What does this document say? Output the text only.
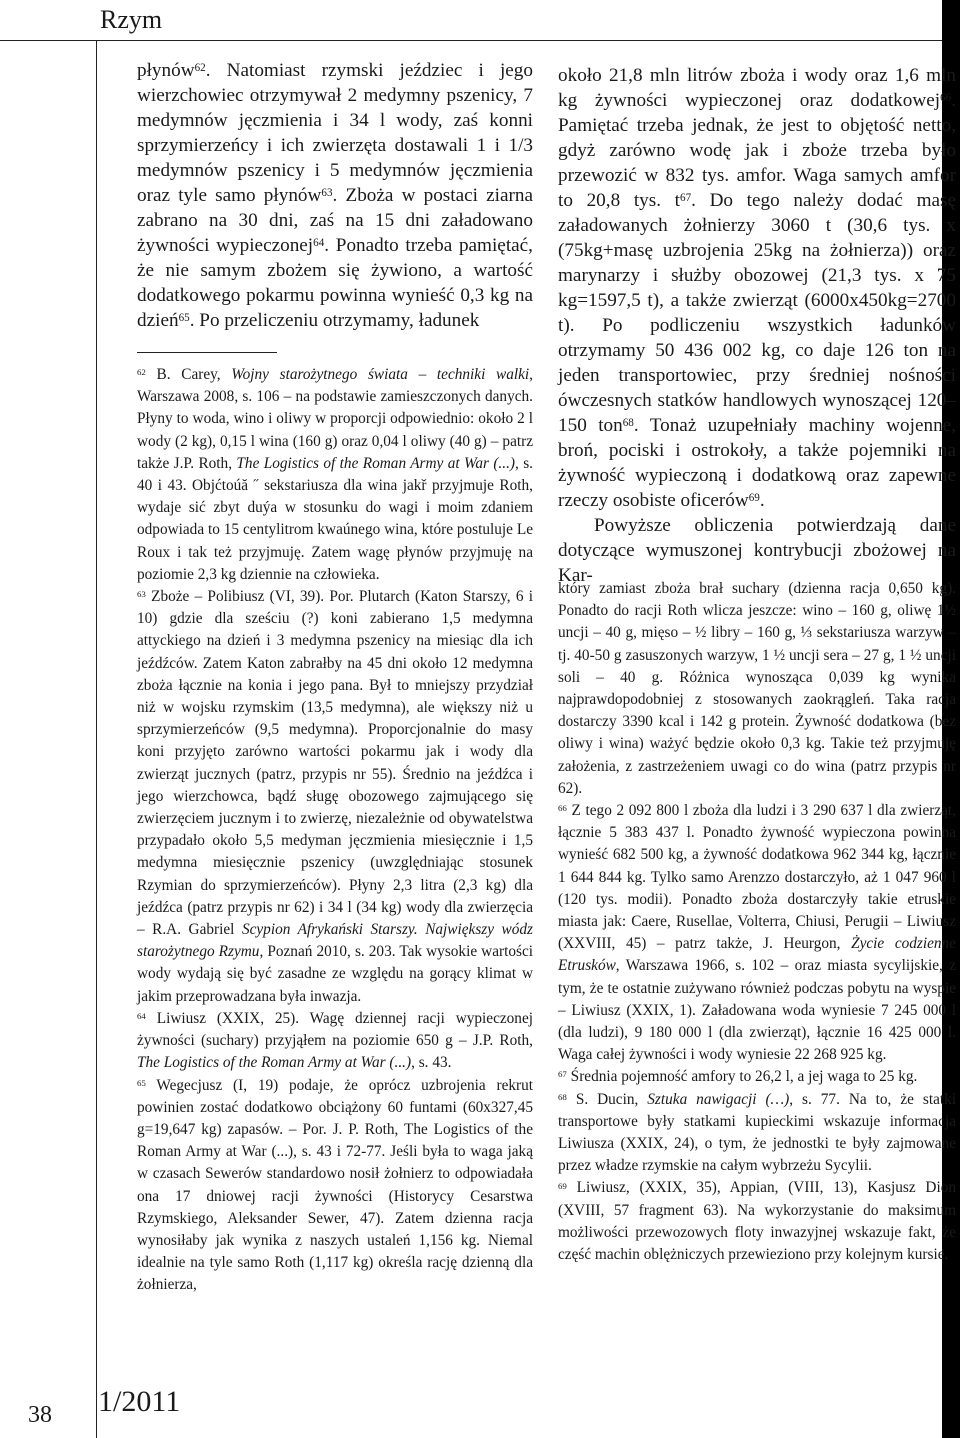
Rzym

płynów$^{62}$. Natomiast rzymski jeździec i jego wierzchowiec otrzymywał 2 medymny pszenicy, 7 medymnów jęczmienia i 34 l wody, zaś konni sprzymierzeńcy i ich zwierzęta dostawali 1 i 1/3 medymnów pszenicy i 5 medymnów jęczmienia oraz tyle samo płynów$^{63}$. Zboża w postaci ziarna zabrano na 30 dni, zaś na 15 dni załadowano żywności wypieczonej$^{64}$. Ponadto trzeba pamiętać, że nie samym zbożem się żywiono, a wartość dodatkowego pokarmu powinna wynieść 0,3 kg na dzień$^{65}$. Po przeliczeniu otrzymamy, ładunek

$^{62}$ B. Carey, Wojny starożytnego świata – techniki walki, Warszawa 2008, s. 106 – na podstawie zamieszczonych danych. Płyny to woda, wino i oliwy w proporcji odpowiednio: około 2 l wody (2 kg), 0,15 l wina (160 g) oraz 0,04 l oliwy (40 g) – patrz także J.P. Roth, The Logistics of the Roman Army at War (...), s. 40 i 43. Objćtoúă ˝ sekstariusza dla wina jakř przyjmuje Roth, wydaje sić zbyt duýa w stosunku do wagi i moim zdaniem odpowiada to 15 centylitrom kwaúnego wina, które postuluje Le Roux i tak też przyjmuję. Zatem wagę płynów przyjmuję na poziomie 2,3 kg dziennie na człowieka.

$^{63}$ Zboże – Polibiusz (VI, 39). Por. Plutarch (Katon Starszy, 6 i 10) gdzie dla sześciu (?) koni zabierano 1,5 medymna attyckiego na dzień i 3 medymna pszenicy na miesiąc dla ich jeźdźców. Zatem Katon zabrałby na 45 dni około 12 medymna zboża łącznie na konia i jego pana. Był to mniejszy przydział niż w wojsku rzymskim (13,5 medymna), ale większy niż u sprzymierzeńców (9,5 medymna). Proporcjonalnie do masy koni przyjęto zarówno wartości pokarmu jak i wody dla zwierząt jucznych (patrz, przypis nr 55). Średnio na jeźdźca i jego wierzchowca, bądź sługę obozowego zajmującego się zwierzęciem jucznym i to zwierzę, niezależnie od obywatelstwa przypadało około 5,5 medyman jęczmienia miesięcznie i 1,5 medymna miesięcznie pszenicy (uwzględniając stosunek Rzymian do sprzymierzeńców). Płyny 2,3 litra (2,3 kg) dla jeźdźca (patrz przypis nr 62) i 34 l (34 kg) wody dla zwierzęcia – R.A. Gabriel Scypion Afrykański Starszy. Największy wódz starożytnego Rzymu, Poznań 2010, s. 203. Tak wysokie wartości wody wydają się być zasadne ze względu na gorący klimat w jakim przeprowadzana była inwazja.

$^{64}$ Liwiusz (XXIX, 25). Wagę dziennej racji wypieczonej żywności (suchary) przyjąłem na poziomie 650 g – J.P. Roth, The Logistics of the Roman Army at War (...), s. 43.

$^{65}$ Wegecjusz (I, 19) podaje, że oprócz uzbrojenia rekrut powinien zostać dodatkowo obciążony 60 funtami (60x327,45 g=19,647 kg) zapasów. – Por. J. P. Roth, The Logistics of the Roman Army at War (...), s. 43 i 72-77. Jeśli była to waga jaką w czasach Sewerów standardowo nosił żołnierz to odpowiadała ona 17 dniowej racji żywności (Historycy Cesarstwa Rzymskiego, Aleksander Sewer, 47). Zatem dzienna racja wynosiłaby jak wynika z naszych ustaleń 1,156 kg. Niemal idealnie na tyle samo Roth (1,117 kg) określa rację dzienną dla żołnierza,

około 21,8 mln litrów zboża i wody oraz 1,6 mln kg żywności wypieczonej oraz dodatkowej$^{66}$. Pamiętać trzeba jednak, że jest to objętość netto, gdyż zarówno wodę jak i zboże trzeba było przewozić w 832 tys. amfor. Waga samych amfor to 20,8 tys. $t^{67}$. Do tego należy dodać masę załadowanych żołnierzy 3060 t (30,6 tys. x (75kg+masę uzbrojenia 25kg na żołnierza)) oraz marynarzy i służby obozowej (21,3 tys. x 75 kg=1597,5 t), a także zwierząt (6000x450kg=2700 t). Po podliczeniu wszystkich ładunków otrzymamy 50 436 002 kg, co daje 126 ton na jeden transportowiec, przy średniej nośności ówczesnych statków handlowych wynoszącej 120–150 ton$^{68}$. Tonaż uzupełniały machiny wojenne, broń, pociski i ostrokoły, a także pojemniki na żywność wypieczoną i dodatkową oraz zapewne rzeczy osobiste oficerów$^{69}$.

Powyższe obliczenia potwierdzają dane dotyczące wymuszonej kontrybucji zbożowej na Kar-

który zamiast zboża brał suchary (dzienna racja 0,650 kg). Ponadto do racji Roth wlicza jeszcze: wino – 160 g, oliwę 1½ uncji – 40 g, mięso – ½ libry – 160 g, ⅓ sekstariusza warzyw – tj. 40-50 g zasuszonych warzyw, 1 ½ uncji sera – 27 g, 1 ½ uncji soli – 40 g. Różnica wynosząca 0,039 kg wynika najprawdopodobniej z stosowanych zaokrągleń. Taka racja dostarczy 3390 kcal i 142 g protein. Żywność dodatkowa (bez oliwy i wina) ważyć będzie około 0,3 kg. Takie też przyjmuję założenia, z zastrzeżeniem uwagi co do wina (patrz przypis nr 62).

$^{66}$ Z tego 2 092 800 l zboża dla ludzi i 3 290 637 l dla zwierząt, łącznie 5 383 437 l. Ponadto żywność wypieczona powinna wynieść 682 500 kg, a żywność dodatkowa 962 344 kg, łącznie 1 644 844 kg. Tylko samo Arenzzo dostarczyło, aż 1 047 960 l (120 tys. modii). Ponadto zboża dostarczyły takie etruskie miasta jak: Caere, Rusellae, Volterra, Chiusi, Perugii – Liwiusz (XXVIII, 45) – patrz także, J. Heurgon, Życie codzienne Etrusków, Warszawa 1966, s. 102 – oraz miasta sycylijskie, z tym, że te ostatnie zużywano również podczas pobytu na wyspie – Liwiusz (XXIX, 1). Załadowana woda wyniesie 7 245 000 l (dla ludzi), 9 180 000 l (dla zwierząt), łącznie 16 425 000 l. Waga całej żywności i wody wyniesie 22 268 925 kg.

$^{67}$ Średnia pojemność amfory to 26,2 l, a jej waga to 25 kg.

$^{68}$ S. Ducin, Sztuka nawigacji (…), s. 77. Na to, że statki transportowe były statkami kupieckimi wskazuje informacja Liwiusza (XXIX, 24), o tym, że jednostki te były zajmowane przez władze rzymskie na całym wybrzeżu Sycylii.

$^{69}$ Liwiusz, (XXIX, 35), Appian, (VIII, 13), Kasjusz Dion (XVIII, 57 fragment 63). Na wykorzystanie do maksimum możliwości przewozowych floty inwazyjnej wskazuje fakt, że część machin oblężniczych przewieziono przy kolejnym kursie.

38	1/2011
